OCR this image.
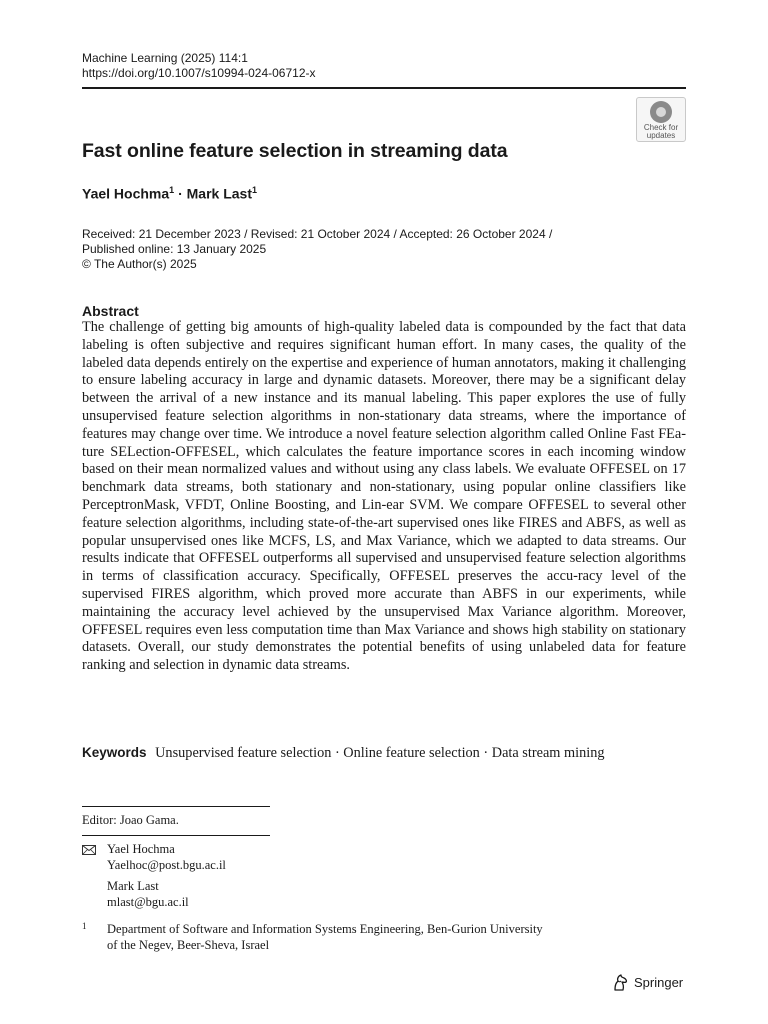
Machine Learning (2025) 114:1
https://doi.org/10.1007/s10994-024-06712-x
Check for
updates
Fast online feature selection in streaming data
Yael Hochma$^1$ · Mark Last$^1$
Received: 21 December 2023 / Revised: 21 October 2024 / Accepted: 26 October 2024 /
Published online: 13 January 2025
© The Author(s) 2025
Abstract
The challenge of getting big amounts of high-quality labeled data is compounded by the fact that data labeling is often subjective and requires significant human effort. In many cases, the quality of the labeled data depends entirely on the expertise and experience of human annotators, making it challenging to ensure labeling accuracy in large and dynamic datasets. Moreover, there may be a significant delay between the arrival of a new instance and its manual labeling. This paper explores the use of fully unsupervised feature selection algorithms in non-stationary data streams, where the importance of features may change over time. We introduce a novel feature selection algorithm called Online Fast FEa-ture SELection-OFFESEL, which calculates the feature importance scores in each incoming window based on their mean normalized values and without using any class labels. We evaluate OFFESEL on 17 benchmark data streams, both stationary and non-stationary, using popular online classifiers like PerceptronMask, VFDT, Online Boosting, and Lin-ear SVM. We compare OFFESEL to several other feature selection algorithms, including state-of-the-art supervised ones like FIRES and ABFS, as well as popular unsupervised ones like MCFS, LS, and Max Variance, which we adapted to data streams. Our results indicate that OFFESEL outperforms all supervised and unsupervised feature selection algorithms in terms of classification accuracy. Specifically, OFFESEL preserves the accu-racy level of the supervised FIRES algorithm, which proved more accurate than ABFS in our experiments, while maintaining the accuracy level achieved by the unsupervised Max Variance algorithm. Moreover, OFFESEL requires even less computation time than Max Variance and shows high stability on stationary datasets. Overall, our study demonstrates the potential benefits of using unlabeled data for feature ranking and selection in dynamic data streams.
Keywords Unsupervised feature selection · Online feature selection · Data stream mining
Editor: Joao Gama.
Yael Hochma
Yaelhoc@post.bgu.ac.il
Mark Last
mlast@bgu.ac.il
1 Department of Software and Information Systems Engineering, Ben-Gurion University
of the Negev, Beer-Sheva, Israel
Springer
